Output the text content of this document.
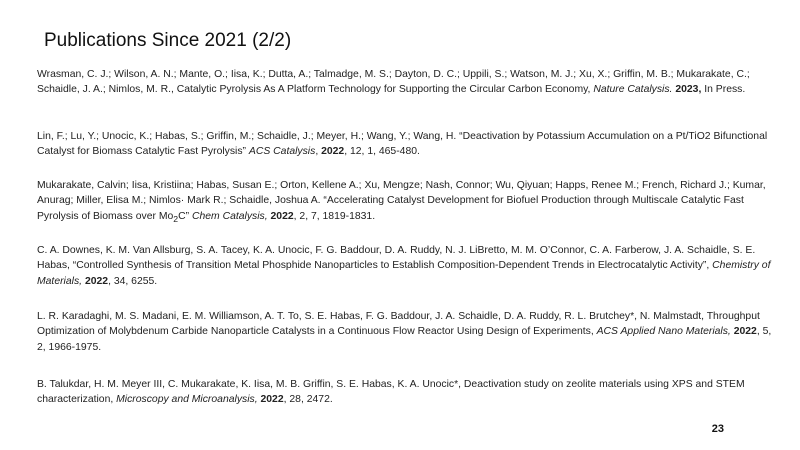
Publications Since 2021 (2/2)
Wrasman, C. J.; Wilson, A. N.; Mante, O.; Iisa, K.; Dutta, A.; Talmadge, M. S.; Dayton, D. C.; Uppili, S.; Watson, M. J.; Xu, X.; Griffin, M. B.; Mukarakate, C.; Schaidle, J. A.; Nimlos, M. R., Catalytic Pyrolysis As A Platform Technology for Supporting the Circular Carbon Economy, Nature Catalysis. 2023, In Press.
Lin, F.; Lu, Y.; Unocic, K.; Habas, S.; Griffin, M.; Schaidle, J.; Meyer, H.; Wang, Y.; Wang, H. “Deactivation by Potassium Accumulation on a Pt/TiO2 Bifunctional Catalyst for Biomass Catalytic Fast Pyrolysis” ACS Catalysis, 2022, 12, 1, 465-480.
Mukarakate, Calvin; Iisa, Kristiina; Habas, Susan E.; Orton, Kellene A.; Xu, Mengze; Nash, Connor; Wu, Qiyuan; Happs, Renee M.; French, Richard J.; Kumar, Anurag; Miller, Elisa M.; Nimlos· Mark R.; Schaidle, Joshua A. “Accelerating Catalyst Development for Biofuel Production through Multiscale Catalytic Fast Pyrolysis of Biomass over $Mo_2C$” Chem Catalysis, 2022, 2, 7, 1819-1831.
C. A. Downes, K. M. Van Allsburg, S. A. Tacey, K. A. Unocic, F. G. Baddour, D. A. Ruddy, N. J. LiBretto, M. M. O’Connor, C. A. Farberow, J. A. Schaidle, S. E. Habas, “Controlled Synthesis of Transition Metal Phosphide Nanoparticles to Establish Composition-Dependent Trends in Electrocatalytic Activity”, Chemistry of Materials, 2022, 34, 6255.
L. R. Karadaghi, M. S. Madani, E. M. Williamson, A. T. To, S. E. Habas, F. G. Baddour, J. A. Schaidle, D. A. Ruddy, R. L. Brutchey*, N. Malmstadt, Throughput Optimization of Molybdenum Carbide Nanoparticle Catalysts in a Continuous Flow Reactor Using Design of Experiments, ACS Applied Nano Materials, 2022, 5, 2, 1966-1975.
B. Talukdar, H. M. Meyer III, C. Mukarakate, K. Iisa, M. B. Griffin, S. E. Habas, K. A. Unocic*, Deactivation study on zeolite materials using XPS and STEM characterization, Microscopy and Microanalysis, 2022, 28, 2472.
23
